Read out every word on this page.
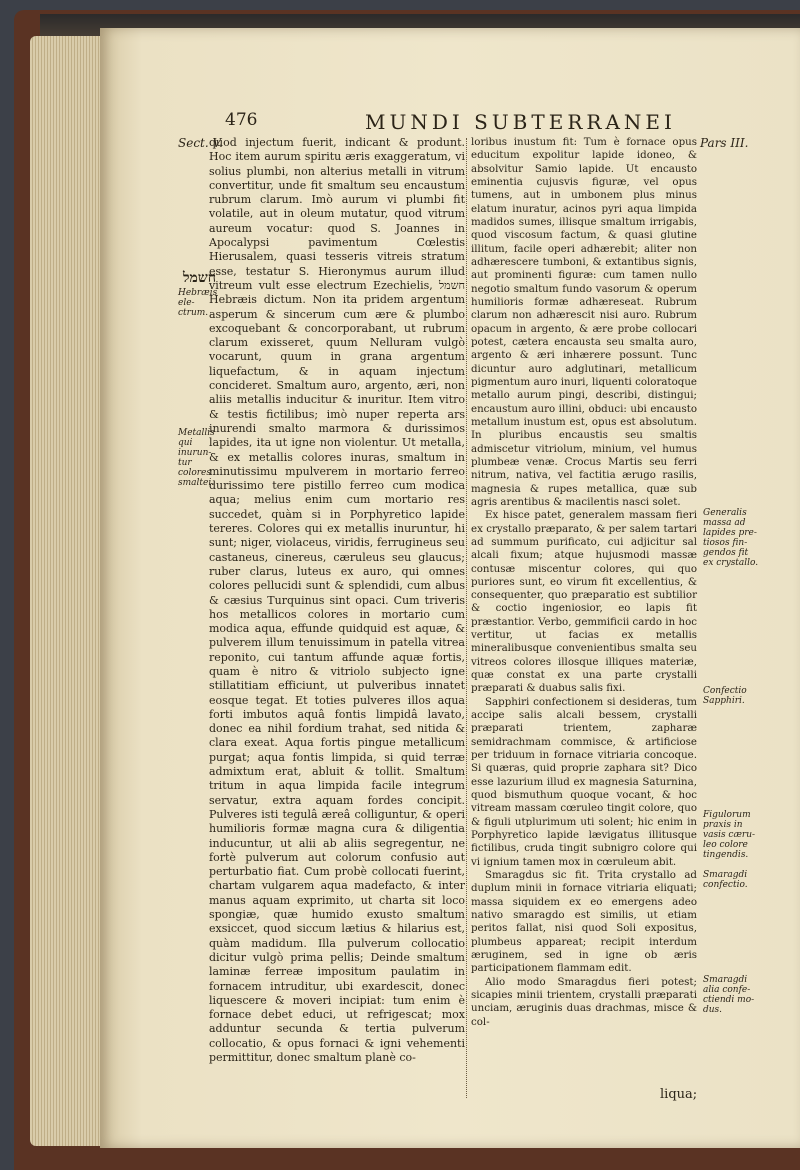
476	MUNDI SUBTERRANEI
Sect. V.	Pars III.
חשמל
Hebræis ele-
ctrum.
Metallis
qui inurun-
tur colores
smaltei.
Generalis
massa ad
lapides pre-
tiosos fin-
gendos fit
ex crystallo.
Confectio
Sapphiri.
Figulorum
praxis in
vasis cæru-
leo colore
tingendis.
Smaragdi
confectio.
Smaragdi
alia confe-
ctiendi mo-
dus.

quod injectum fuerit, indicant & produnt. Hoc item aurum spiritu æris exaggeratum, vi solius plumbi, non alterius metalli in vitrum convertitur, unde fit smaltum seu encaustum rubrum clarum. Imò aurum vi plumbi fit volatile, aut in oleum mutatur, quod vitrum aureum vocatur: quod S. Joannes in Apocalypsi pavimentum Cœlestis Hierusalem, quasi tesseris vitreis stratum esse, testatur S. Hieronymus aurum illud vitreum vult esse electrum Ezechielis, חשמל Hebræis dictum. Non ita pridem argentum asperum & sincerum cum ære & plumbo excoquebant & concorporabant, ut rubrum clarum exisseret, quum Nelluram vulgò vocarunt, quum in grana argentum liquefactum, & in aquam injectum concideret. Smaltum auro, argento, æri, non aliis metallis inducitur & inuritur. Item vitro & testis fictilibus; imò nuper reperta ars inurendi smalto marmora & durissimos lapides, ita ut igne non violentur. Ut metalla, & ex metallis colores inuras, smaltum in minutissimu mpulverem in mortario ferreo durissimo tere pistillo ferreo cum modica aqua; melius enim cum mortario res succedet, quàm si in Porphyretico lapide tereres. Colores qui ex metallis inuruntur, hi sunt; niger, violaceus, viridis, ferrugineus seu castaneus, cinereus, cæruleus seu glaucus; ruber clarus, luteus ex auro, qui omnes colores pellucidi sunt & splendidi, cum albus & cæsius Turquinus sint opaci. Cum triveris hos metallicos colores in mortario cum modica aqua, effunde quidquid est aquæ, & pulverem illum tenuissimum in patella vitrea reponito, cui tantum affunde aquæ fortis, quam è nitro & vitriolo subjecto igne stillatitiam efficiunt, ut pulveribus innatet eosque tegat. Et toties pulveres illos aqua forti imbutos aquâ fontis limpidâ lavato, donec ea nihil fordium trahat, sed nitida & clara exeat. Aqua fortis pingue metallicum purgat; aqua fontis limpida, si quid terræ admixtum erat, abluit & tollit. Smaltum tritum in aqua limpida facile integrum servatur, extra aquam fordes concipit. Pulveres isti tegulâ æreâ colliguntur, & operi humilioris formæ magna cura & diligentia inducuntur, ut alii ab aliis segregentur, ne fortè pulverum aut colorum confusio aut perturbatio fiat. Cum probè collocati fuerint, chartam vulgarem aqua madefacto, & inter manus aquam exprimito, ut charta sit loco spongiæ, quæ humido exusto smaltum exsiccet, quod siccum lætius & hilarius est, quàm madidum. Illa pulverum collocatio dicitur vulgò prima pellis; Deinde smaltum laminæ ferreæ impositum paulatim in fornacem intruditur, ubi exardescit, donec liquescere & moveri incipiat: tum enim è fornace debet educi, ut refrigescat; mox adduntur secunda & tertia pulverum collocatio, & opus fornaci & igni vehementi permittitur, donec smaltum planè co-

loribus inustum fit: Tum è fornace opus educitum expolitur lapide idoneo, & absolvitur Samio lapide. Ut encausto eminentia cujusvis figuræ, vel opus tumens, aut in umbonem plus minus elatum inuratur, acinos pyri aqua limpida madidos sumes, illisque smaltum irrigabis, quod viscosum factum, & quasi glutine illitum, facile operi adhærebit; aliter non adhærescere tumboni, & extantibus signis, aut prominenti figuræ: cum tamen nullo negotio smaltum fundo vasorum & operum humilioris formæ adhæreseat. Rubrum clarum non adhærescit nisi auro. Rubrum opacum in argento, & ære probe collocari potest, cætera encausta seu smalta auro, argento & æri inhærere possunt. Tunc dicuntur auro adglutinari, metallicum pigmentum auro inuri, liquenti coloratoque metallo aurum pingi, describi, distingui; encaustum auro illini, obduci: ubi encausto metallum inustum est, opus est absolutum. In pluribus encaustis seu smaltis admiscetur vitriolum, minium, vel humus plumbeæ venæ. Crocus Martis seu ferri nitrum, nativa, vel factitia ærugo rasilis, magnesia & rupes metallica, quæ sub agris arentibus & macilentis nasci solet.

Ex hisce patet, generalem massam fieri ex crystallo præparato, & per salem tartari ad summum purificato, cui adjicitur sal alcali fixum; atque hujusmodi massæ contusæ miscentur colores, qui quo puriores sunt, eo virum fit excellentius, & consequenter, quo præparatio est subtilior & coctio ingeniosior, eo lapis fit præstantior. Verbo, gemmificii cardo in hoc vertitur, ut facias ex metallis mineralibusque convenientibus smalta seu vitreos colores illosque illiques materiæ, quæ constat ex una parte crystalli præparati & duabus salis fixi.

Sapphiri confectionem si desideras, tum accipe salis alcali bessem, crystalli præparati trientem, zapharæ semidrachmam commisce, & artificiose per triduum in fornace vitriaria concoque. Si quæras, quid proprie zaphara sit? Dico esse lazurium illud ex magnesia Saturnina, quod bismuthum quoque vocant, & hoc vitream massam cœruleo tingit colore, quo & figuli utplurimum uti solent; hic enim in Porphyretico lapide lævigatus illitusque fictilibus, cruda tingit subnigro colore qui vi ignium tamen mox in cœruleum abit.

Smaragdus sic fit. Trita crystallo ad duplum minii in fornace vitriaria eliquati; massa siquidem ex eo emergens adeo nativo smaragdo est similis, ut etiam peritos fallat, nisi quod Soli expositus, plumbeus appareat; recipit interdum æruginem, sed in igne ob æris participationem flammam edit.

Alio modo Smaragdus fieri potest; sicapies minii trientem, crystalli præparati unciam, æruginis duas drachmas, misce & col-

liqua;
